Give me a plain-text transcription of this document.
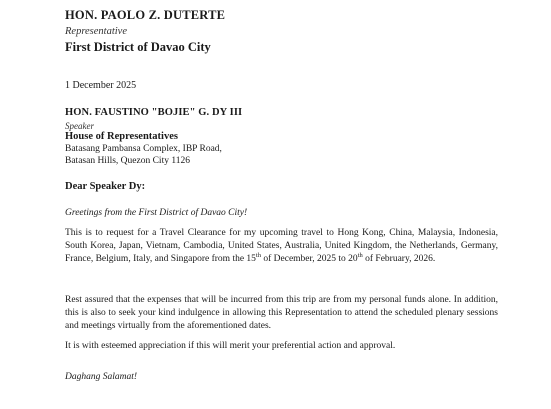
HON. PAOLO Z. DUTERTE

Representative

First District of Davao City

1 December 2025

HON. FAUSTINO "BOJIE" G. DY III

Speaker

House of Representatives

Batasang Pambansa Complex, IBP Road,

Batasan Hills, Quezon City 1126

Dear Speaker Dy:

Greetings from the First District of Davao City!

This is to request for a Travel Clearance for my upcoming travel to Hong Kong, China, Malaysia, Indonesia, South Korea, Japan, Vietnam, Cambodia, United States, Australia, United Kingdom, the Netherlands, Germany, France, Belgium, Italy, and Singapore from the 15th of December, 2025 to 20th of February, 2026.

Rest assured that the expenses that will be incurred from this trip are from my personal funds alone. In addition, this is also to seek your kind indulgence in allowing this Representation to attend the scheduled plenary sessions and meetings virtually from the aforementioned dates.

It is with esteemed appreciation if this will merit your preferential action and approval.

Daghang Salamat!
